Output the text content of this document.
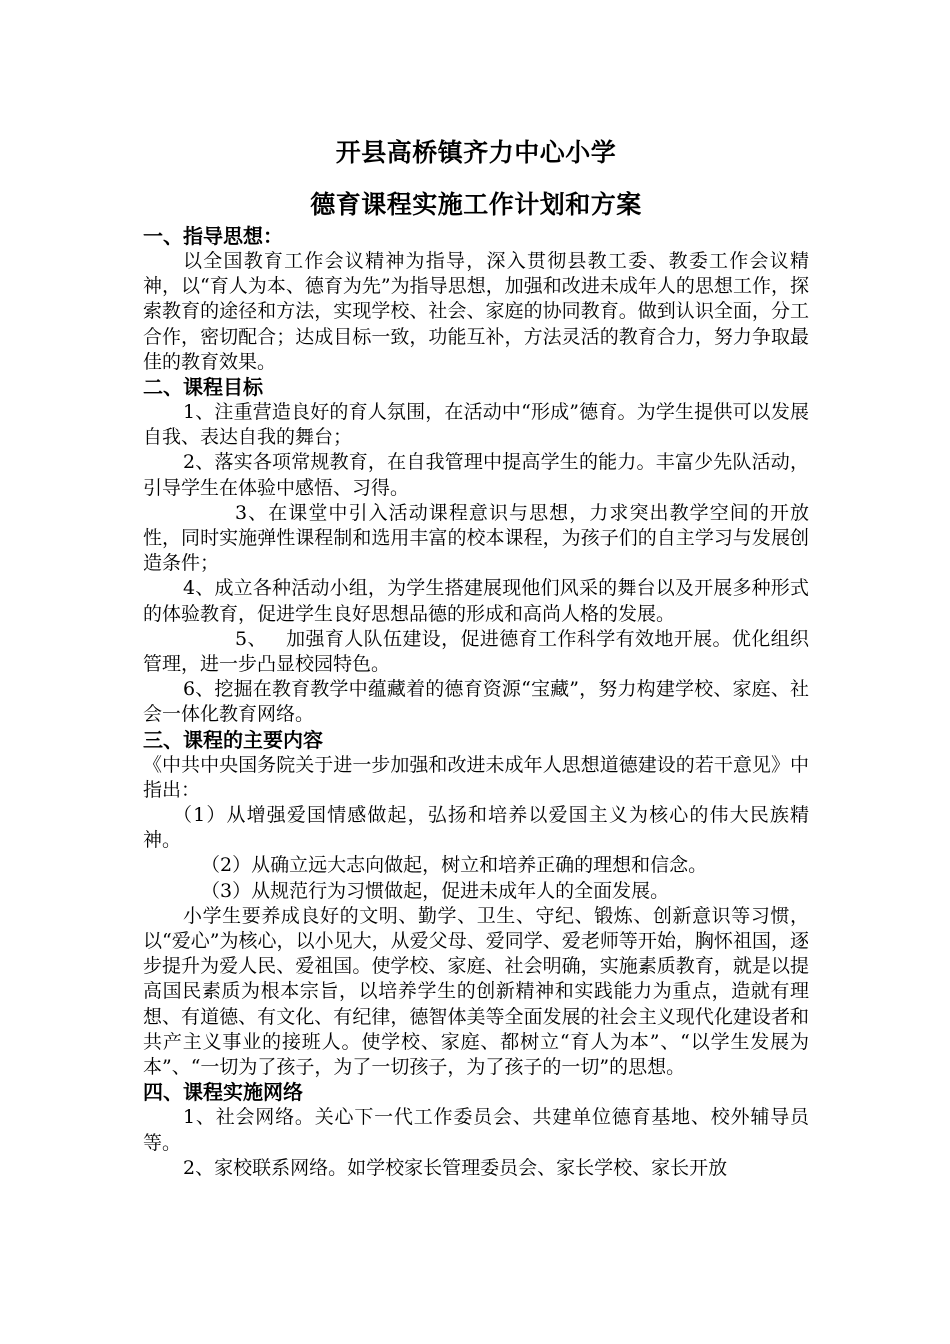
开县高桥镇齐力中心小学

德育课程实施工作计划和方案

一、指导思想：

以全国教育工作会议精神为指导，深入贯彻县教工委、教委工作会议精神，以“育人为本、德育为先”为指导思想，加强和改进未成年人的思想工作，探索教育的途径和方法，实现学校、社会、家庭的协同教育。做到认识全面，分工合作，密切配合；达成目标一致，功能互补，方法灵活的教育合力，努力争取最佳的教育效果。

二、课程目标

1、注重营造良好的育人氛围，在活动中“形成”德育。为学生提供可以发展自我、表达自我的舞台；

2、落实各项常规教育，在自我管理中提高学生的能力。丰富少先队活动，引导学生在体验中感悟、习得。

3、在课堂中引入活动课程意识与思想，力求突出教学空间的开放性，同时实施弹性课程制和选用丰富的校本课程，为孩子们的自主学习与发展创造条件；

4、成立各种活动小组，为学生搭建展现他们风采的舞台以及开展多种形式的体验教育，促进学生良好思想品德的形成和高尚人格的发展。

5、   加强育人队伍建设，促进德育工作科学有效地开展。优化组织管理，进一步凸显校园特色。

6、挖掘在教育教学中蕴藏着的德育资源“宝藏”，努力构建学校、家庭、社会一体化教育网络。

三、课程的主要内容

《中共中央国务院关于进一步加强和改进未成年人思想道德建设的若干意见》中指出：

（1）从增强爱国情感做起，弘扬和培养以爱国主义为核心的伟大民族精神。

（2）从确立远大志向做起，树立和培养正确的理想和信念。

（3）从规范行为习惯做起，促进未成年人的全面发展。

小学生要养成良好的文明、勤学、卫生、守纪、锻炼、创新意识等习惯，以“爱心”为核心，以小见大，从爱父母、爱同学、爱老师等开始，胸怀祖国，逐步提升为爱人民、爱祖国。使学校、家庭、社会明确，实施素质教育，就是以提高国民素质为根本宗旨，以培养学生的创新精神和实践能力为重点，造就有理想、有道德、有文化、有纪律，德智体美等全面发展的社会主义现代化建设者和共产主义事业的接班人。使学校、家庭、都树立“育人为本”、“以学生发展为本”、“一切为了孩子，为了一切孩子，为了孩子的一切”的思想。

四、课程实施网络

1、社会网络。关心下一代工作委员会、共建单位德育基地、校外辅导员等。

2、家校联系网络。如学校家长管理委员会、家长学校、家长开放
